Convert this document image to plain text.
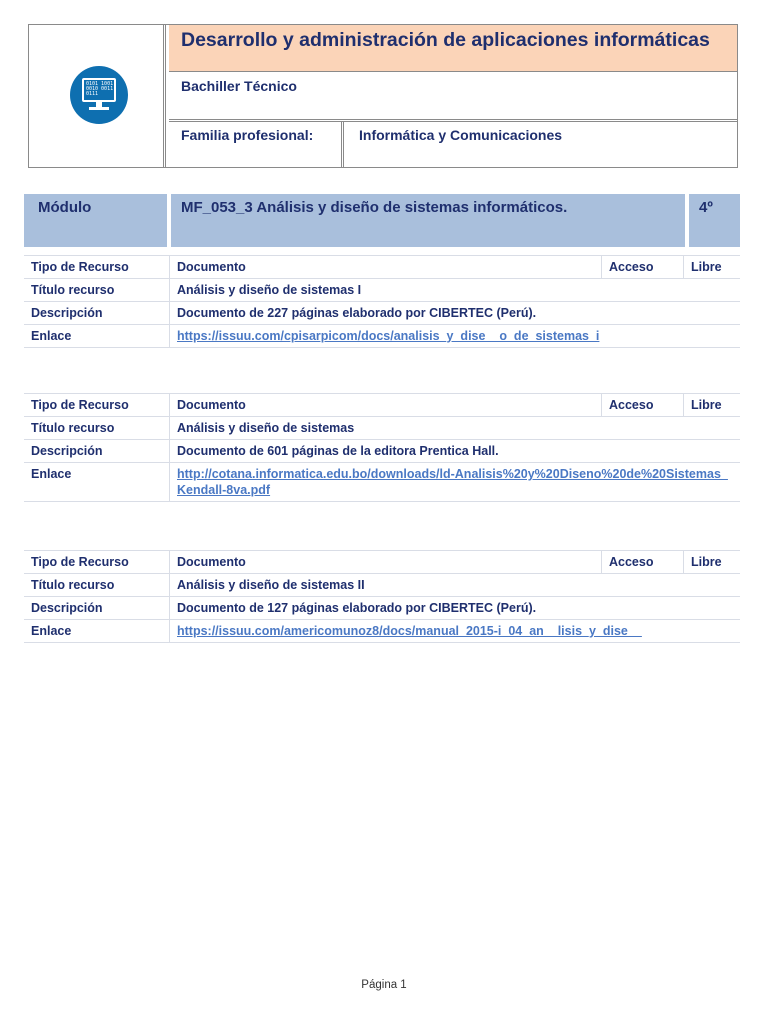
0101 1001
0010 0011
0111
Desarrollo y administración de aplicaciones informáticas
Bachiller Técnico
Familia profesional:	Informática y Comunicaciones
Módulo	MF_053_3 Análisis y diseño de sistemas informáticos.	4º
Tipo de Recurso	Documento	Acceso	Libre
Título recurso	Análisis y diseño de sistemas I		
Descripción	Documento de 227 páginas elaborado por CIBERTEC (Perú).		
Enlace	https://issuu.com/cpisarpicom/docs/analisis_y_dise__o_de_sistemas_i		
Tipo de Recurso	Documento	Acceso	Libre
Título recurso	Análisis y diseño de sistemas		
Descripción	Documento de 601 páginas de la editora Prentica Hall.		
Enlace	http://cotana.informatica.edu.bo/downloads/ld-Analisis%20y%20Diseno%20de%20Sistemas_Kendall-8va.pdf		
Tipo de Recurso	Documento	Acceso	Libre
Título recurso	Análisis y diseño de sistemas II		
Descripción	Documento de 127 páginas elaborado por CIBERTEC (Perú).		
Enlace	https://issuu.com/americomunoz8/docs/manual_2015-i_04_an__lisis_y_dise__		
Página 1
